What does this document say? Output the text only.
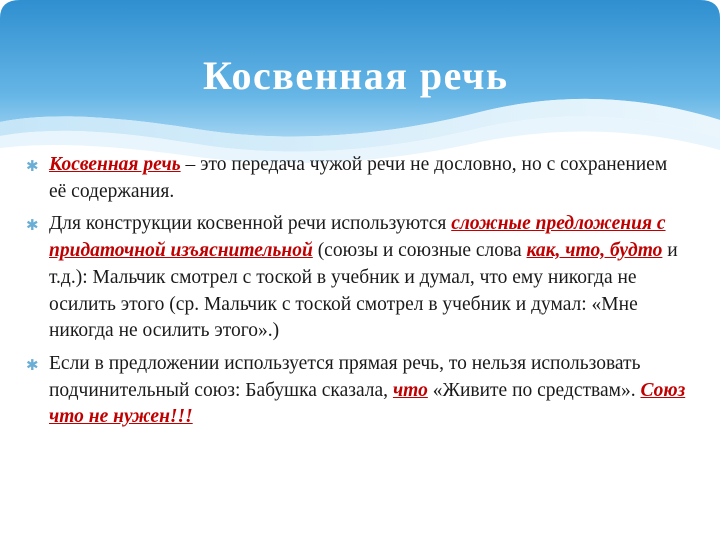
Косвенная речь
✱ Косвенная речь – это передача чужой речи не дословно, но с сохранением её содержания.
✱ Для конструкции косвенной речи используются сложные предложения с придаточной изъяснительной (союзы и союзные слова как, что, будто и т.д.): Мальчик смотрел с тоской в учебник и думал, что ему никогда не осилить этого (ср. Мальчик с тоской смотрел в учебник и думал: «Мне никогда не осилить этого».)
✱ Если в предложении используется прямая речь, то нельзя использовать подчинительный союз: Бабушка сказала, что «Живите по средствам». Союз что не нужен!!!
